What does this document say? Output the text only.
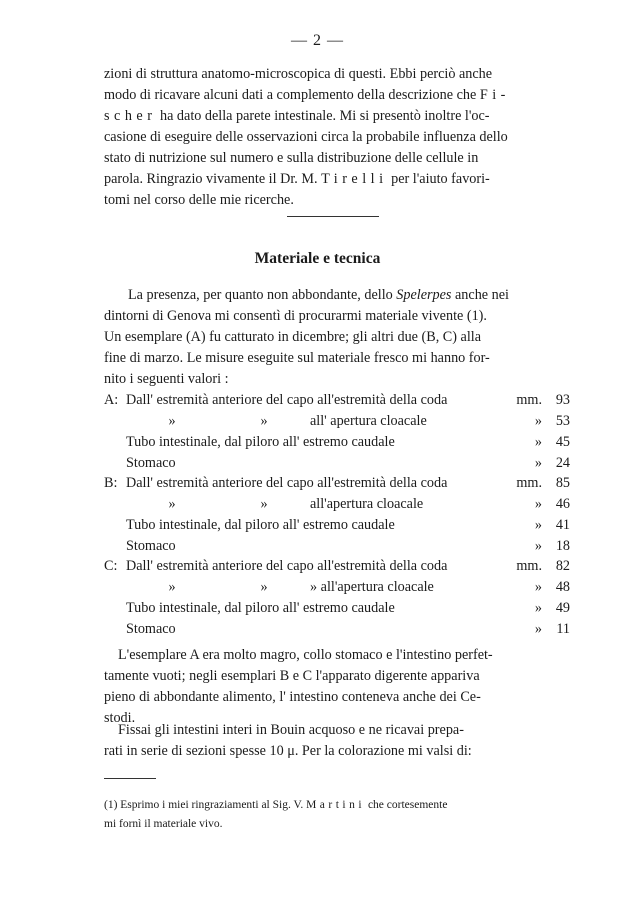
— 2 —
zioni di struttura anatomo-microscopica di questi. Ebbi perciò anche
modo di ricavare alcuni dati a complemento della descrizione che Fi-
scher ha dato della parete intestinale. Mi si presentò inoltre l'oc-
casione di eseguire delle osservazioni circa la probabile influenza dello
stato di nutrizione sul numero e sulla distribuzione delle cellule in
parola. Ringrazio vivamente il Dr. M. Tirelli per l'aiuto favori-
tomi nel corso delle mie ricerche.
Materiale e tecnica
La presenza, per quanto non abbondante, dello Spelerpes anche nei
dintorni di Genova mi consentì di procurarmi materiale vivente (1).
Un esemplare (A) fu catturato in dicembre; gli altri due (B, C) alla
fine di marzo. Le misure eseguite sul materiale fresco mi hanno for-
nito i seguenti valori :
A: Dall' estremità anteriore del capo all'estremità della coda	mm. 93
»	»	all' apertura cloacale	» 53
Tubo intestinale, dal piloro all' estremo caudale	» 45
Stomaco	» 24
B: Dall' estremità anteriore del capo all'estremità della coda	mm. 85
»	»	all'apertura cloacale	» 46
Tubo intestinale, dal piloro all' estremo caudale	» 41
Stomaco	» 18
C: Dall' estremità anteriore del capo all'estremità della coda	mm. 82
»	»	» all'apertura cloacale	» 48
Tubo intestinale, dal piloro all' estremo caudale	» 49
Stomaco	»	11
L'esemplare A era molto magro, collo stomaco e l'intestino perfet-
tamente vuoti; negli esemplari B e C l'apparato digerente appariva
pieno di abbondante alimento, l' intestino conteneva anche dei Ce-
stodi.
Fissai gli intestini interi in Bouin acquoso e ne ricavai prepa-
rati in serie di sezioni spesse 10 μ. Per la colorazione mi valsi di:
(1) Esprimo i miei ringraziamenti al Sig. V. Martini che cortesemente
mi fornì il materiale vivo.
